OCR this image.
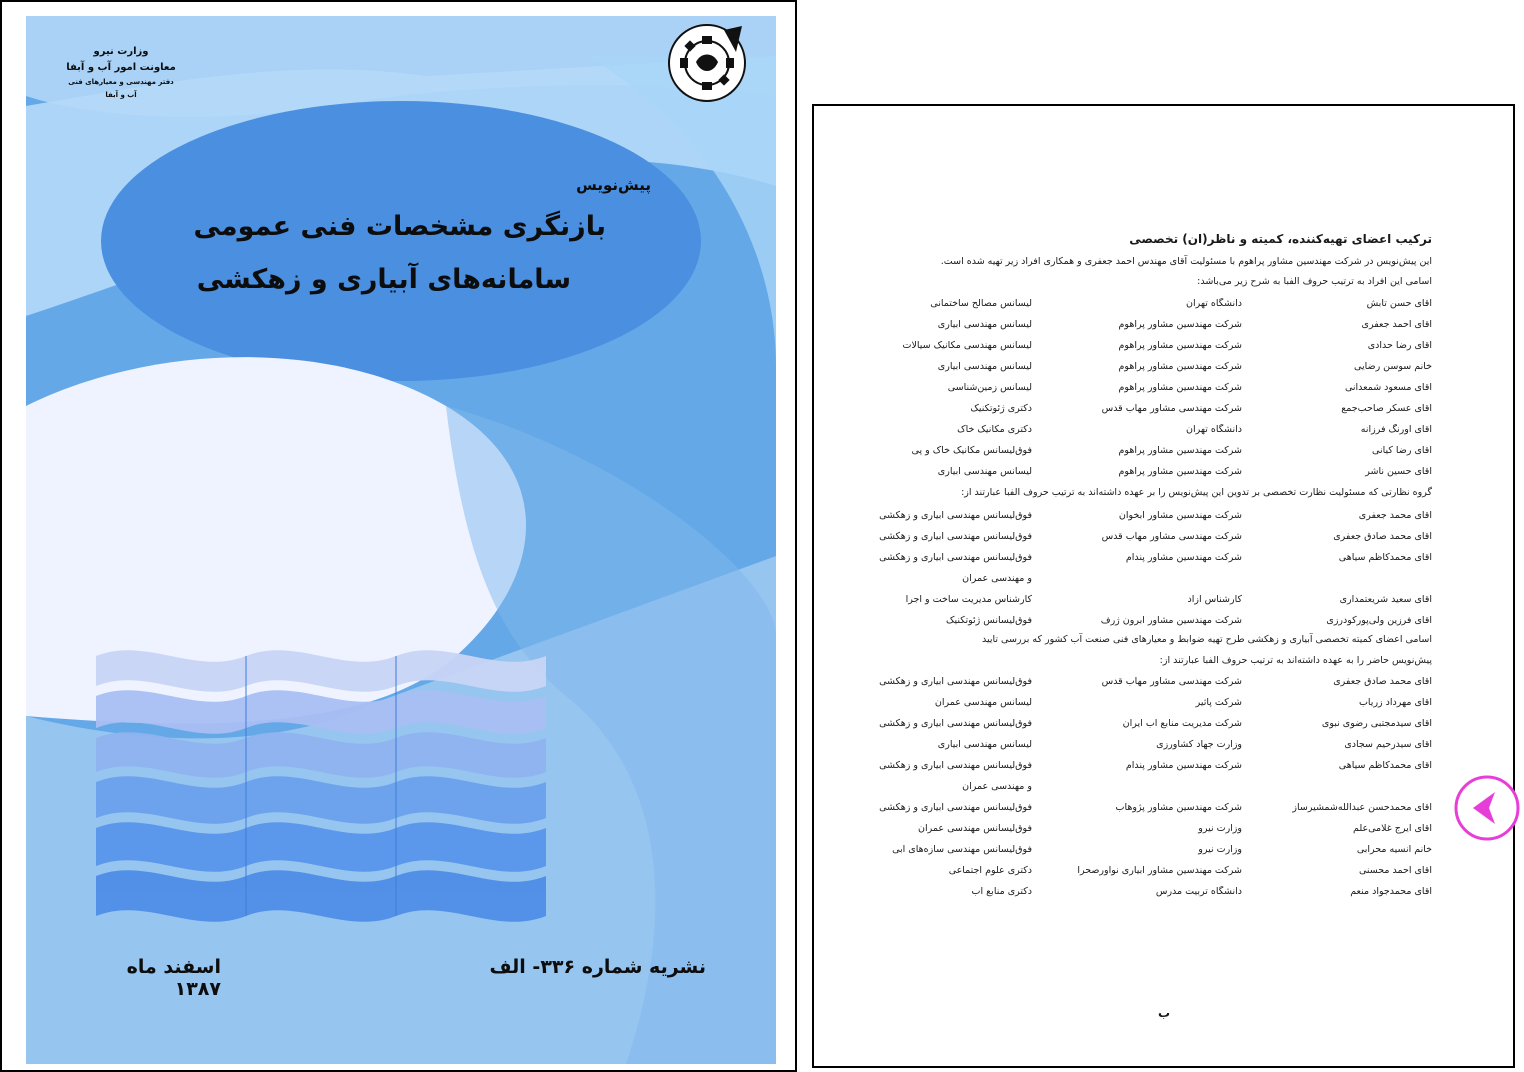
وزارت نیرو
معاونت امور آب و آبفا
دفتر مهندسی و معیارهای فنی
آب و آبفا
پیش‌نویس
بازنگری مشخصات فنی عمومی
سامانه‌های آبیاری و زهکشی
نشریه شماره ۳۳۶- الف
اسفند ماه ۱۳۸۷
ترکیب اعضای تهیه‌کننده، کمیته و ناظر(ان) تخصصی
این پیش‌نویس در شرکت مهندسین مشاور پراهوم با مسئولیت آقای مهندس احمد جعفری و همکاری افراد زیر تهیه شده است.
اسامی این افراد به ترتیب حروف الفبا به شرح زیر می‌باشد:
آقای حسن تابش
دانشگاه تهران
لیسانس مصالح ساختمانی
آقای احمد جعفری
شرکت مهندسین مشاور پراهوم
لیسانس مهندسی آبیاری
آقای رضا حدادی
شرکت مهندسین مشاور پراهوم
لیسانس مهندسی مکانیک سیالات
خانم سوسن رضایی
شرکت مهندسین مشاور پراهوم
لیسانس مهندسی آبیاری
آقای مسعود شمعدانی
شرکت مهندسین مشاور پراهوم
لیسانس زمین‌شناسی
آقای عسکر صاحب‌جمع
شرکت مهندسی مشاور مهاب قدس
دکتری ژئوتکنیک
آقای اورنگ فرزانه
دانشگاه تهران
دکتری مکانیک خاک
آقای رضا کیانی
شرکت مهندسین مشاور پراهوم
فوق‌لیسانس مکانیک خاک و پی
آقای حسین ناشر
شرکت مهندسین مشاور پراهوم
لیسانس مهندسی آبیاری
گروه نظارتی که مسئولیت نظارت تخصصی بر تدوین این پیش‌نویس را بر عهده داشته‌اند به ترتیب حروف الفبا عبارتند از:
آقای محمد جعفری
شرکت مهندسین مشاور آبخوان
فوق‌لیسانس مهندسی آبیاری و زهکشی
آقای محمد صادق جعفری
شرکت مهندسی مشاور مهاب قدس
فوق‌لیسانس مهندسی آبیاری و زهکشی
آقای محمدکاظم سیاهی
شرکت مهندسین مشاور پندام
فوق‌لیسانس مهندسی آبیاری و زهکشی
و مهندسی عمران
آقای سعید شریعتمداری
کارشناس آزاد
کارشناس مدیریت ساخت و اجرا
آقای فرزین ولی‌پورکودرزی
شرکت مهندسین مشاور آبرون ژرف
فوق‌لیسانس ژئوتکنیک
اسامی اعضای کمیته تخصصی آبیاری و زهکشی طرح تهیه ضوابط و معیارهای فنی صنعت آب کشور که بررسی تایید
پیش‌نویس حاضر را به عهده داشته‌اند به ترتیب حروف الفبا عبارتند از:
آقای محمد صادق جعفری
شرکت مهندسی مشاور مهاب قدس
فوق‌لیسانس مهندسی آبیاری و زهکشی
آقای مهرداد زریاب
شرکت پاثیر
لیسانس مهندسی عمران
آقای سیدمجتبی رضوی نبوی
شرکت مدیریت منابع آب ایران
فوق‌لیسانس مهندسی آبیاری و زهکشی
آقای سیدرحیم سجادی
وزارت جهاد کشاورزی
لیسانس مهندسی آبیاری
آقای محمدکاظم سیاهی
شرکت مهندسین مشاور پندام
فوق‌لیسانس مهندسی آبیاری و زهکشی
و مهندسی عمران
آقای محمدحسن عبدالله‌شمشیرساز
شرکت مهندسین مشاور پژوهاب
فوق‌لیسانس مهندسی آبیاری و زهکشی
آقای ایرج غلامی‌علم
وزارت نیرو
فوق‌لیسانس مهندسی عمران
خانم آنسیه محرابی
وزارت نیرو
فوق‌لیسانس مهندسی سازه‌های آبی
آقای احمد محسنی
شرکت مهندسین مشاور آبیاری نوآورصحرا
دکتری علوم اجتماعی
آقای محمدجواد منعم
دانشگاه تربیت مدرس
دکتری منابع آب
ب
